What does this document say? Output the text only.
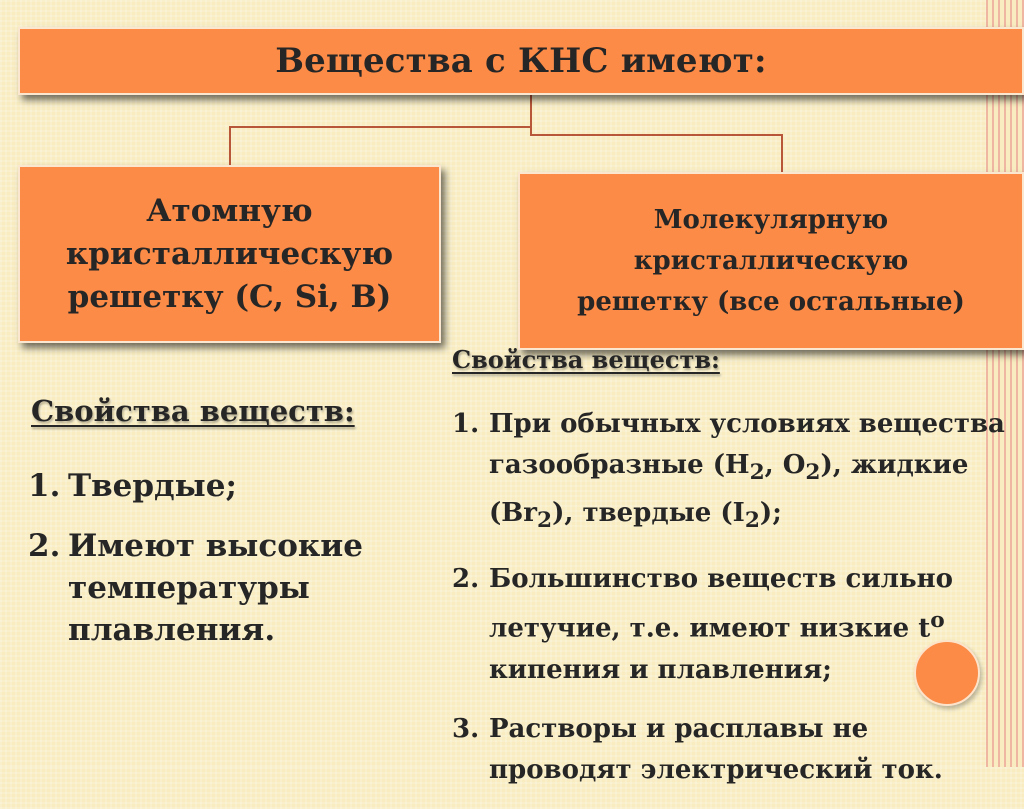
Вещества с КНС имеют:
Атомную
кристаллическую
решетку (C, Si, B)
Молекулярную
кристаллическую
решетку (все остальные)
Свойства веществ:
1. Твердые;
2. Имеют высокие температуры плавления.
Свойства веществ:
1. При обычных условиях вещества газообразные ($H_2$, $O_2$), жидкие $(Br_2)$, твердые $(I_2)$;
2. Большинство веществ сильно летучие, т.е. имеют низкие $t^o$ кипения и плавления;
3. Растворы и расплавы не проводят электрический ток.
